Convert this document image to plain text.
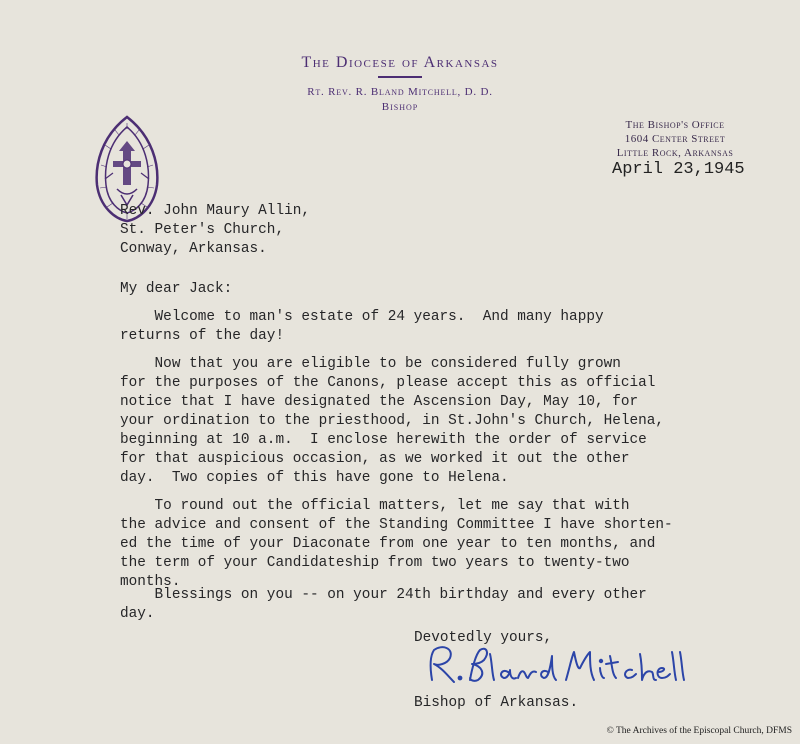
The Diocese of Arkansas
Rt. Rev. R. Bland Mitchell, D. D.
Bishop
The Bishop's Office
1604 Center Street
Little Rock, Arkansas
April 23,1945
Rev. John Maury Allin,
St. Peter's Church,
Conway, Arkansas.
My dear Jack:
Welcome to man's estate of 24 years.  And many happy
returns of the day!
Now that you are eligible to be considered fully grown
for the purposes of the Canons, please accept this as official
notice that I have designated the Ascension Day, May 10, for
your ordination to the priesthood, in St.John's Church, Helena,
beginning at 10 a.m.  I enclose herewith the order of service
for that auspicious occasion, as we worked it out the other
day.  Two copies of this have gone to Helena.
To round out the official matters, let me say that with
the advice and consent of the Standing Committee I have shorten-
ed the time of your Diaconate from one year to ten months, and
the term of your Candidateship from two years to twenty-two
months.
Blessings on you -- on your 24th birthday and every other
day.
Devotedly yours,
Bishop of Arkansas.
© The Archives of the Episcopal Church, DFMS
